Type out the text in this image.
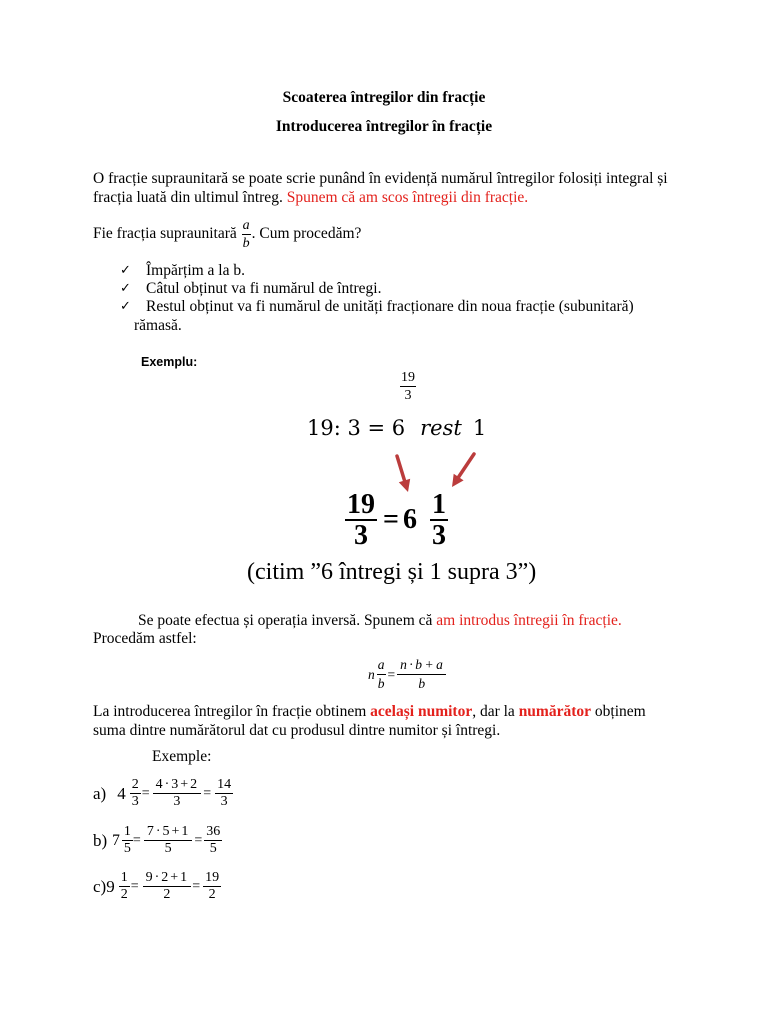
Scoaterea întregilor din fracție
Introducerea întregilor în fracție
O fracție supraunitară se poate scrie punând în evidență numărul întregilor folosiți integral și
fracția luată din ultimul întreg. Spunem că am scos întregii din fracție.
Fie fracția supraunitară $\frac{a}{b}$ . Cum procedăm?

✓

Împărțim a la b.

✓

Câtul obținut va fi numărul de întregi.

✓

Restul obținut va fi numărul de unități fracționare din noua fracție (subunitară)

rămasă.

Exemplu:
$\frac{19}{3}$
19: 3 = 6 rest 1
$\frac{19}{3} = 6 \frac{1}{3}$
(citim ”6 întregi și 1 supra 3”)
Se poate efectua și operația inversă. Spunem că am introdus întregii în fracție.
Procedăm astfel:
n $\frac{a}{b} = \frac{n\cdot b+a}{b}$
La introducerea întregilor în fracție obtinem același numitor, dar la numărător obținem
suma dintre numărătorul dat cu produsul dintre numitor și întregi.
Exemple:
a) $4 \frac{2}{3} = \frac{4\cdot 3+2}{3} = \frac{14}{3}$
b) $7 \frac{1}{5} = \frac{7\cdot 5+1}{5} = \frac{36}{5}$
c) $9 \frac{1}{2} = \frac{9\cdot 2+1}{2} = \frac{19}{2}$
